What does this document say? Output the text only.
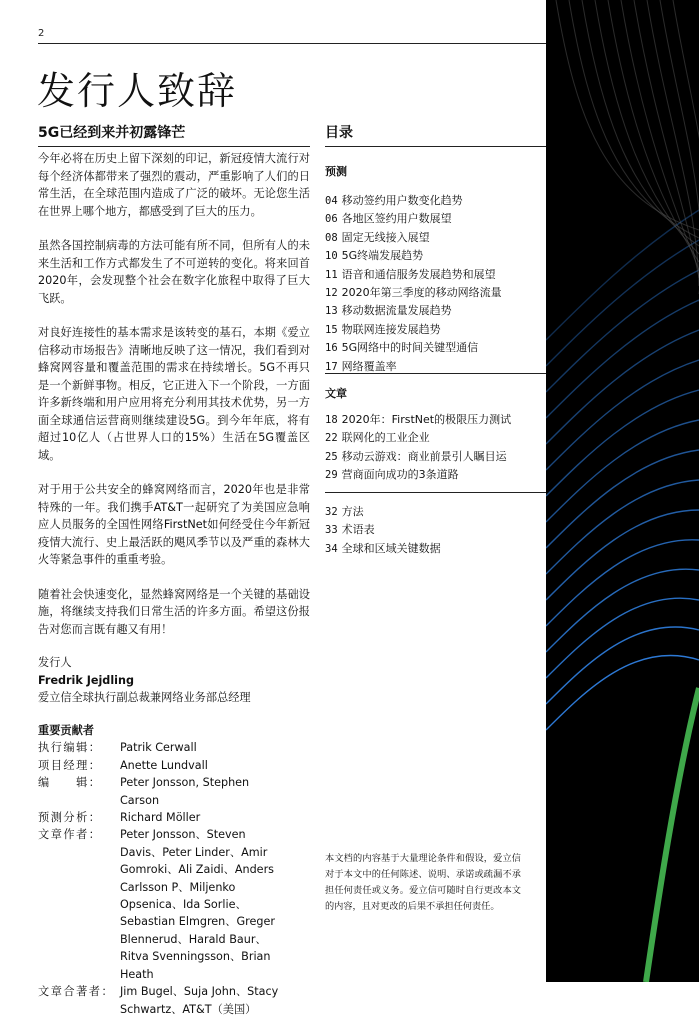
2
发行人致辞
5G已经到来并初露锋芒	目录

今年必将在历史上留下深刻的印记，新冠疫情大流行对每个经济体都带来了强烈的震动，严重影响了人们的日常生活，在全球范围内造成了广泛的破坏。无论您生活在世界上哪个地方，都感受到了巨大的压力。

虽然各国控制病毒的方法可能有所不同，但所有人的未来生活和工作方式都发生了不可逆转的变化。将来回首2020年，会发现整个社会在数字化旅程中取得了巨大飞跃。

对良好连接性的基本需求是该转变的基石，本期《爱立信移动市场报告》清晰地反映了这一情况，我们看到对蜂窝网容量和覆盖范围的需求在持续增长。5G不再只是一个新鲜事物。相反，它正进入下一个阶段，一方面许多新终端和用户应用将充分利用其技术优势，另一方面全球通信运营商则继续建设5G。到今年年底，将有超过10亿人（占世界人口的15%）生活在5G覆盖区域。

对于用于公共安全的蜂窝网络而言，2020年也是非常特殊的一年。我们携手AT&T一起研究了为美国应急响应人员服务的全国性网络FirstNet如何经受住今年新冠疫情大流行、史上最活跃的飓风季节以及严重的森林大火等紧急事件的重重考验。

随着社会快速变化，显然蜂窝网络是一个关键的基础设施，将继续支持我们日常生活的许多方面。希望这份报告对您而言既有趣又有用！

预测
04 移动签约用户数变化趋势
06 各地区签约用户数展望
08 固定无线接入展望
10 5G终端发展趋势
11 语音和通信服务发展趋势和展望
12 2020年第三季度的移动网络流量
13 移动数据流量发展趋势
15 物联网连接发展趋势
16 5G网络中的时间关键型通信
17 网络覆盖率
文章
18 2020年：FirstNet的极限压力测试
22 联网化的工业企业
25 移动云游戏：商业前景引人瞩目运
29 营商面向成功的3条道路
32 方法
33 术语表
34 全球和区域关键数据
发行人
Fredrik Jejdling
爱立信全球执行副总裁兼网络业务部总经理
重要贡献者
执行编辑：	Patrik Cerwall
项目经理：	Anette Lundvall
编　　辑：	Peter Jonsson, Stephen Carson
预测分析：	Richard Möller
文章作者：	Peter Jonsson、Steven Davis、Peter Linder、Amir Gomroki、Ali Zaidi、Anders Carlsson P、Miljenko Opsenica、Ida Sorlie、Sebastian Elmgren、Greger Blennerud、Harald Baur、Ritva Svenningsson、Brian Heath
文章合著者： Jim Bugel、Suja John、Stacy Schwartz、AT&T（美国）
本文档的内容基于大量理论条件和假设，爱立信对于本文中的任何陈述、说明、承诺或疏漏不承担任何责任或义务。爱立信可随时自行更改本文的内容，且对更改的后果不承担任何责任。
